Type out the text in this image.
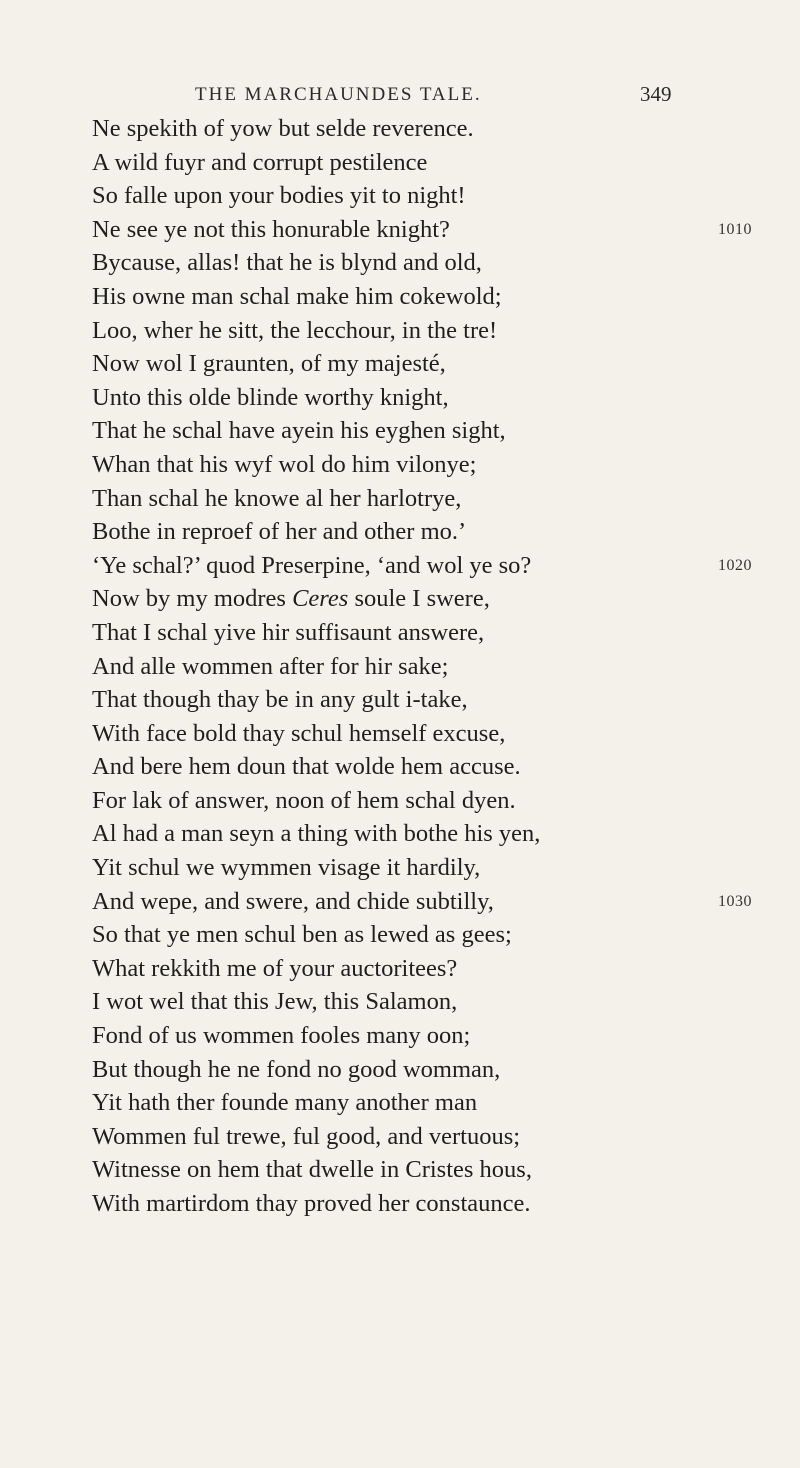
THE MARCHAUNDES TALE.	349
Ne spekith of yow but selde reverence.
A wild fuyr and corrupt pestilence
So falle upon your bodies yit to night!
Ne see ye not this honurable knight?	1010
Bycause, allas! that he is blynd and old,
His owne man schal make him cokewold;
Loo, wher he sitt, the lecchour, in the tre!
Now wol I graunten, of my majesté,
Unto this olde blinde worthy knight,
That he schal have ayein his eyghen sight,
Whan that his wyf wol do him vilonye;
Than schal he knowe al her harlotrye,
Bothe in reproef of her and other mo.’
‘Ye schal?’ quod Preserpine, ‘and wol ye so?	1020
Now by my modres Ceres soule I swere,
That I schal yive hir suffisaunt answere,
And alle wommen after for hir sake;
That though thay be in any gult i-take,
With face bold thay schul hemself excuse,
And bere hem doun that wolde hem accuse.
For lak of answer, noon of hem schal dyen.
Al had a man seyn a thing with bothe his yen,
Yit schul we wymmen visage it hardily,
And wepe, and swere, and chide subtilly,	1030
So that ye men schul ben as lewed as gees;
What rekkith me of your auctoritees?
I wot wel that this Jew, this Salamon,
Fond of us wommen fooles many oon;
But though he ne fond no good womman,
Yit hath ther founde many another man
Wommen ful trewe, ful good, and vertuous;
Witnesse on hem that dwelle in Cristes hous,
With martirdom thay proved her constaunce.
